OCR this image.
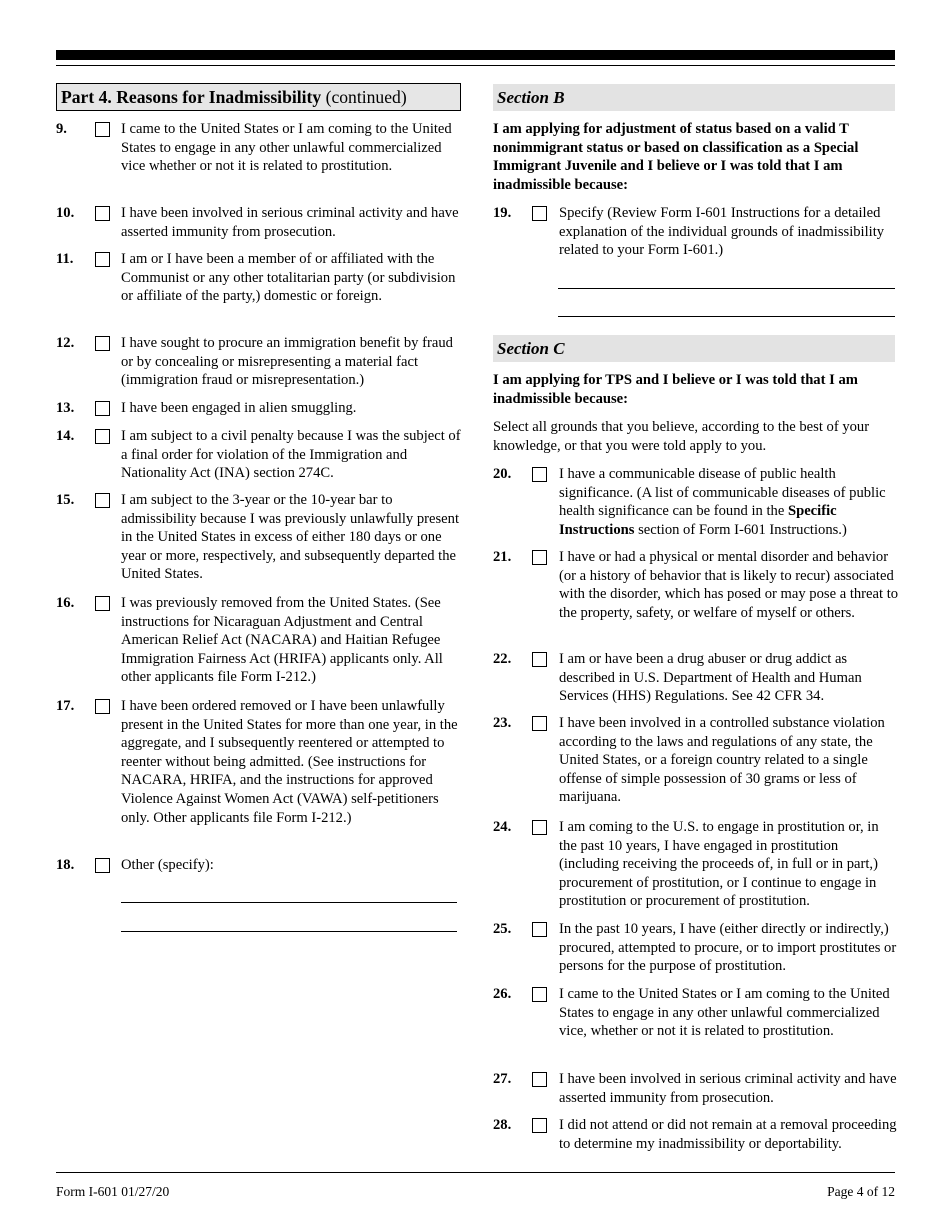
Part 4. Reasons for Inadmissibility (continued)
9.	I came to the United States or I am coming to the United States to engage in any other unlawful commercialized vice whether or not it is related to prostitution.
10.	I have been involved in serious criminal activity and have asserted immunity from prosecution.
11.	I am or I have been a member of or affiliated with the Communist or any other totalitarian party (or subdivision or affiliate of the party,) domestic or foreign.
12.	I have sought to procure an immigration benefit by fraud or by concealing or misrepresenting a material fact (immigration fraud or misrepresentation.)
13.	I have been engaged in alien smuggling.
14.	I am subject to a civil penalty because I was the subject of a final order for violation of the Immigration and Nationality Act (INA) section 274C.
15.	I am subject to the 3-year or the 10-year bar to admissibility because I was previously unlawfully present in the United States in excess of either 180 days or one year or more, respectively, and subsequently departed the United States.
16.	I was previously removed from the United States. (See instructions for Nicaraguan Adjustment and Central American Relief Act (NACARA) and Haitian Refugee Immigration Fairness Act (HRIFA) applicants only. All other applicants file Form I-212.)
17.	I have been ordered removed or I have been unlawfully present in the United States for more than one year, in the aggregate, and I subsequently reentered or attempted to reenter without being admitted. (See instructions for NACARA, HRIFA, and the instructions for approved Violence Against Women Act (VAWA) self-petitioners only. Other applicants file Form I-212.)
18.	Other (specify):
Section B
I am applying for adjustment of status based on a valid T nonimmigrant status or based on classification as a Special Immigrant Juvenile and I believe or I was told that I am inadmissible because:
19.	Specify (Review Form I-601 Instructions for a detailed explanation of the individual grounds of inadmissibility related to your Form I-601.)
Section C
I am applying for TPS and I believe or I was told that I am inadmissible because:
Select all grounds that you believe, according to the best of your knowledge, or that you were told apply to you.
20.	I have a communicable disease of public health significance. (A list of communicable diseases of public health significance can be found in the Specific Instructions section of Form I-601 Instructions.)
21.	I have or had a physical or mental disorder and behavior (or a history of behavior that is likely to recur) associated with the disorder, which has posed or may pose a threat to the property, safety, or welfare of myself or others.
22.	I am or have been a drug abuser or drug addict as described in U.S. Department of Health and Human Services (HHS) Regulations. See 42 CFR 34.
23.	I have been involved in a controlled substance violation according to the laws and regulations of any state, the United States, or a foreign country related to a single offense of simple possession of 30 grams or less of marijuana.
24.	I am coming to the U.S. to engage in prostitution or, in the past 10 years, I have engaged in prostitution (including receiving the proceeds of, in full or in part,) procurement of prostitution, or I continue to engage in prostitution or procurement of prostitution.
25.	In the past 10 years, I have (either directly or indirectly,) procured, attempted to procure, or to import prostitutes or persons for the purpose of prostitution.
26.	I came to the United States or I am coming to the United States to engage in any other unlawful commercialized vice, whether or not it is related to prostitution.
27.	I have been involved in serious criminal activity and have asserted immunity from prosecution.
28.	I did not attend or did not remain at a removal proceeding to determine my inadmissibility or deportability.
Form I-601 01/27/20	Page 4 of 12
